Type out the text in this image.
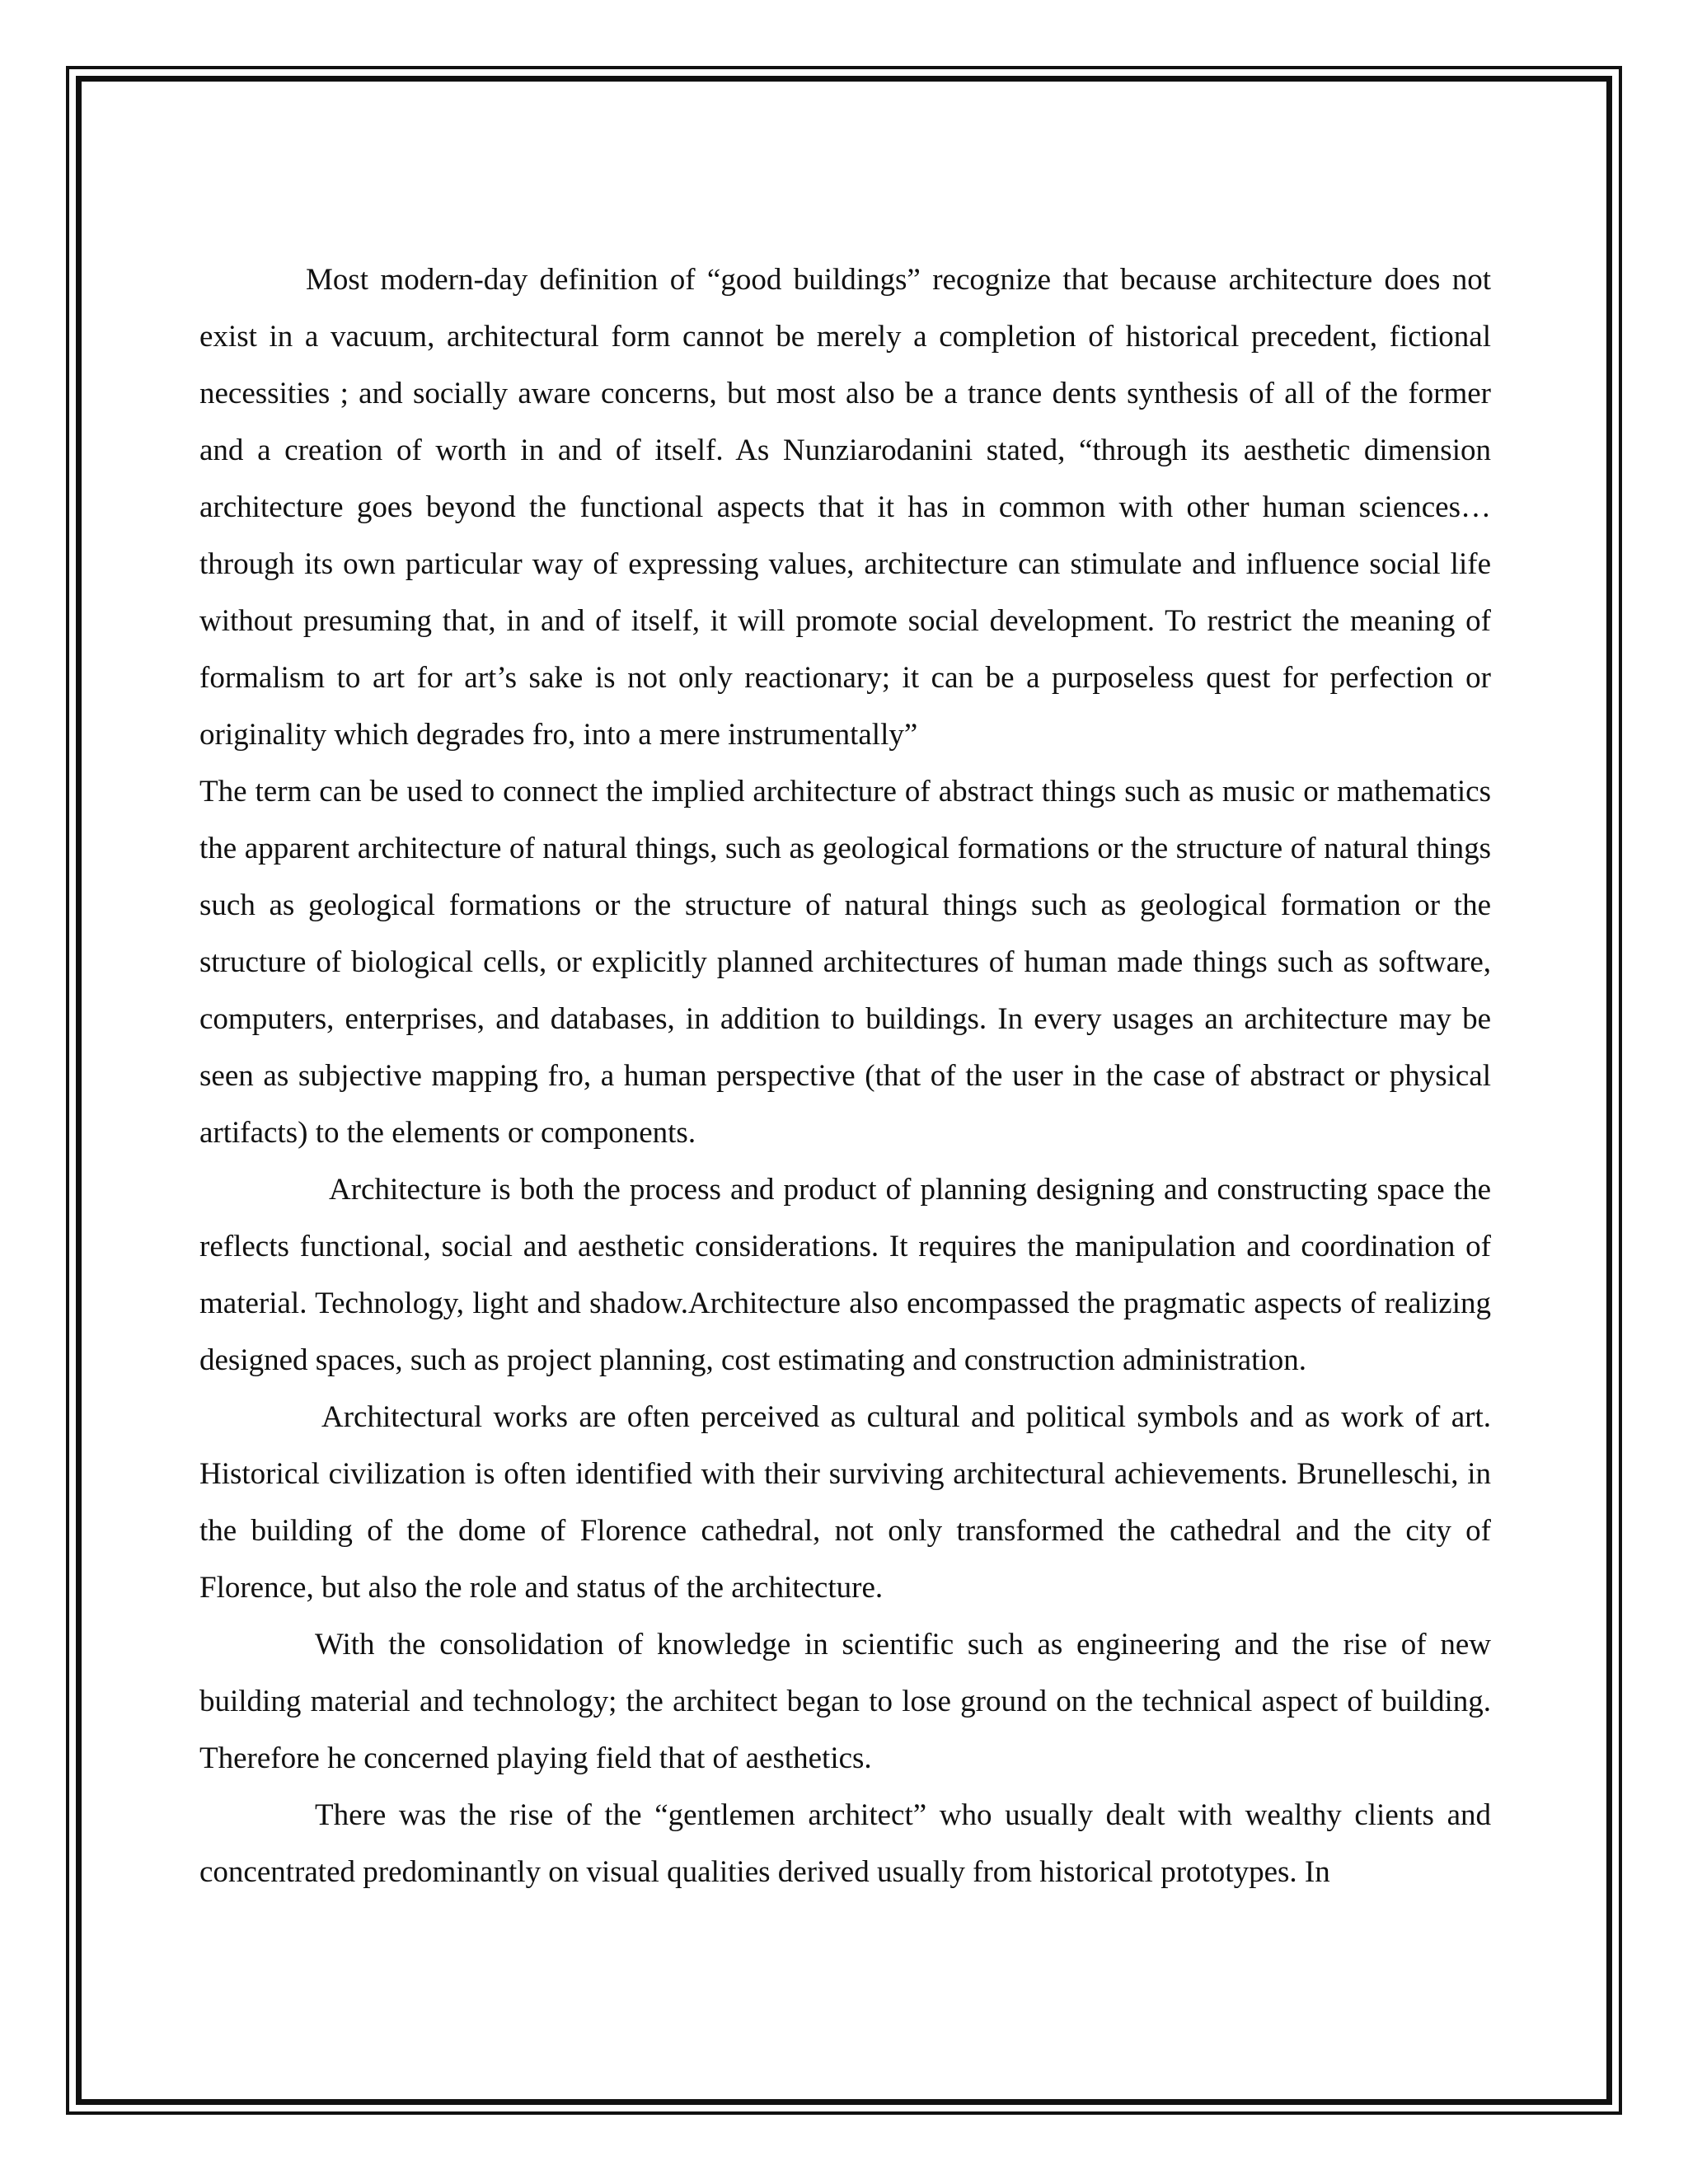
Most modern-day definition of “good buildings” recognize that because architecture does not exist in a vacuum, architectural form cannot be merely a completion of historical precedent, fictional necessities ; and socially aware concerns, but most also be a trance dents synthesis of all of the former and a creation of worth in and of itself. As Nunziarodanini stated, “through its aesthetic dimension architecture goes beyond the functional aspects that it has in common with other human sciences…through its own particular way of expressing values, architecture can stimulate and influence social life without presuming that, in and of itself, it will promote social development. To restrict the meaning of formalism to art for art’s sake is not only reactionary; it can be a purposeless quest for perfection or originality which degrades fro, into a mere instrumentally”

The term can be used to connect the implied architecture of abstract things such as music or mathematics the apparent architecture of natural things, such as geological formations or the structure of natural things such as geological formations or the structure of natural things such as geological formation or the structure of biological cells, or explicitly planned architectures of human made things such as software, computers, enterprises, and databases, in addition to buildings. In every usages an architecture may be seen as subjective mapping fro, a human perspective (that of the user in the case of abstract or physical artifacts) to the elements or components.

Architecture is both the process and product of planning designing and constructing space the reflects functional, social and aesthetic considerations. It requires the manipulation and coordination of material. Technology, light and shadow.Architecture also encompassed the pragmatic aspects of realizing designed spaces, such as project planning, cost estimating and construction administration.

Architectural works are often perceived as cultural and political symbols and as work of art. Historical civilization is often identified with their surviving architectural achievements. Brunelleschi, in the building of the dome of Florence cathedral, not only transformed the cathedral and the city of Florence, but also the role and status of the architecture.

With the consolidation of knowledge in scientific such as engineering and the rise of new building material and technology; the architect began to lose ground on the technical aspect of building. Therefore he concerned playing field that of aesthetics.

There was the rise of the “gentlemen architect” who usually dealt with wealthy clients and concentrated predominantly on visual qualities derived usually from historical prototypes. In
